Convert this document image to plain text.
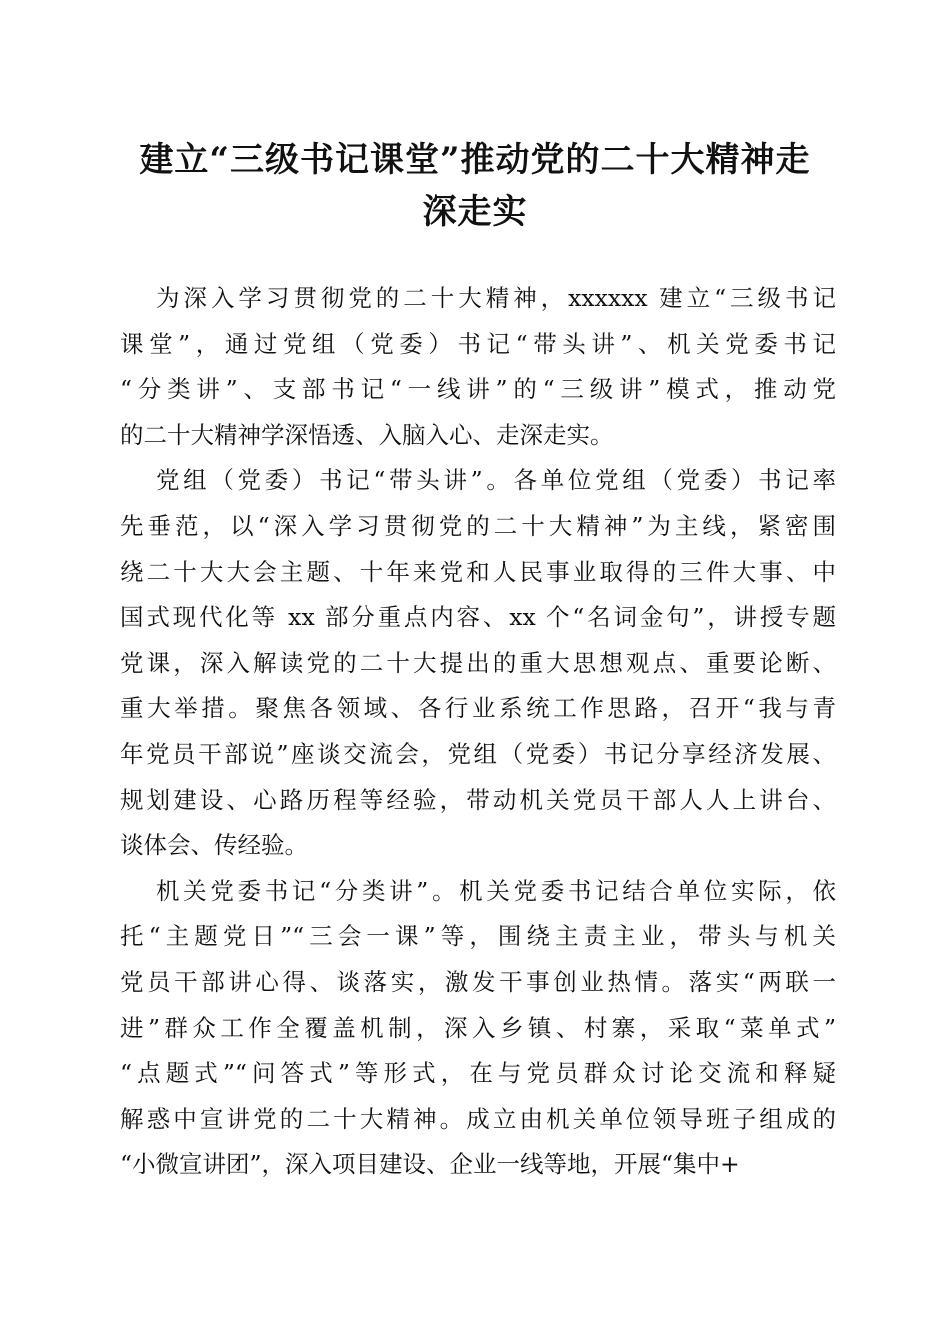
建立“三级书记课堂”推动党的二十大精神走
深走实
为深入学习贯彻党的二十大精神，xxxxxx 建立“三级书记
课堂”，通过党组（党委）书记“带头讲”、机关党委书记
“分类讲”、支部书记“一线讲”的“三级讲”模式，推动党
的二十大精神学深悟透、入脑入心、走深走实。
党组（党委）书记“带头讲”。各单位党组（党委）书记率
先垂范，以“深入学习贯彻党的二十大精神”为主线，紧密围
绕二十大大会主题、十年来党和人民事业取得的三件大事、中
国式现代化等 xx 部分重点内容、xx 个“名词金句”，讲授专题
党课，深入解读党的二十大提出的重大思想观点、重要论断、
重大举措。聚焦各领域、各行业系统工作思路，召开“我与青
年党员干部说”座谈交流会，党组（党委）书记分享经济发展、
规划建设、心路历程等经验，带动机关党员干部人人上讲台、
谈体会、传经验。
机关党委书记“分类讲”。机关党委书记结合单位实际，依
托“主题党日”“三会一课”等，围绕主责主业，带头与机关
党员干部讲心得、谈落实，激发干事创业热情。落实“两联一
进”群众工作全覆盖机制，深入乡镇、村寨，采取“菜单式”
“点题式”“问答式”等形式，在与党员群众讨论交流和释疑
解惑中宣讲党的二十大精神。成立由机关单位领导班子组成的
“小微宣讲团”，深入项目建设、企业一线等地，开展“集中+
